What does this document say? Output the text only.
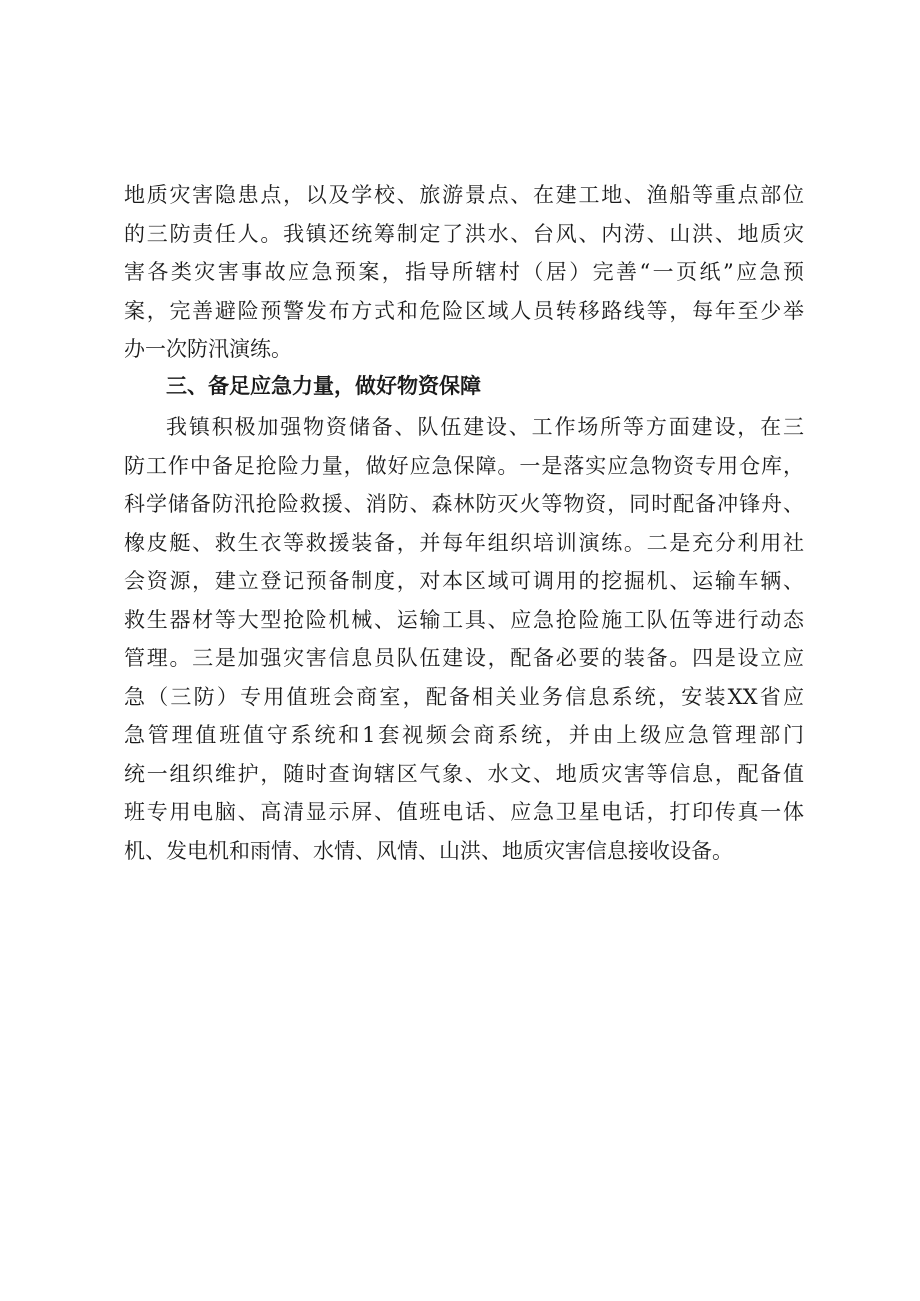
地质灾害隐患点，以及学校、旅游景点、在建工地、渔船等重点部位
的三防责任人。我镇还统筹制定了洪水、台风、内涝、山洪、地质灾
害各类灾害事故应急预案，指导所辖村（居）完善“一页纸”应急预
案，完善避险预警发布方式和危险区域人员转移路线等，每年至少举
办一次防汛演练。
三、备足应急力量，做好物资保障
我镇积极加强物资储备、队伍建设、工作场所等方面建设，在三
防工作中备足抢险力量，做好应急保障。一是落实应急物资专用仓库，
科学储备防汛抢险救援、消防、森林防灭火等物资，同时配备冲锋舟、
橡皮艇、救生衣等救援装备，并每年组织培训演练。二是充分利用社
会资源，建立登记预备制度，对本区域可调用的挖掘机、运输车辆、
救生器材等大型抢险机械、运输工具、应急抢险施工队伍等进行动态
管理。三是加强灾害信息员队伍建设，配备必要的装备。四是设立应
急（三防）专用值班会商室，配备相关业务信息系统，安装XX省应
急管理值班值守系统和1套视频会商系统，并由上级应急管理部门
统一组织维护，随时查询辖区气象、水文、地质灾害等信息，配备值
班专用电脑、高清显示屏、值班电话、应急卫星电话，打印传真一体
机、发电机和雨情、水情、风情、山洪、地质灾害信息接收设备。
